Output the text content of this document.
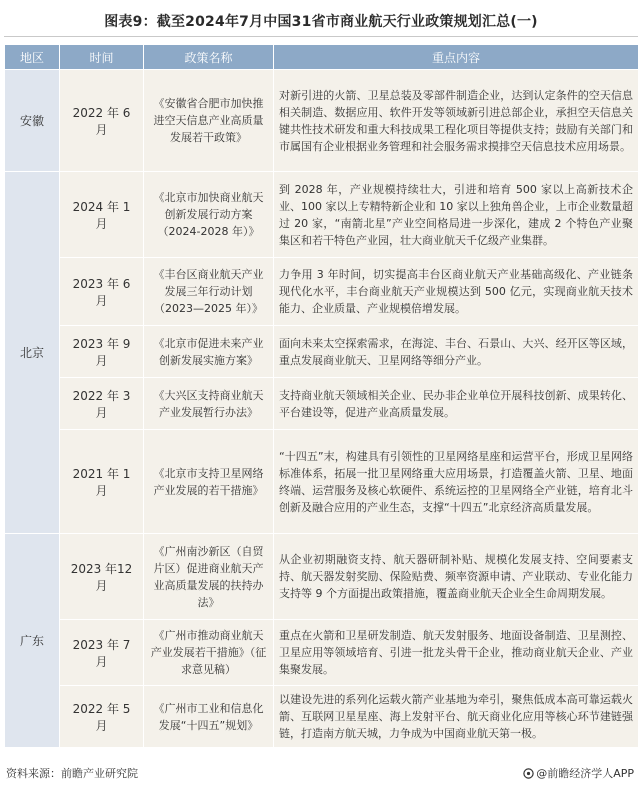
图表9：截至2024年7月中国31省市商业航天行业政策规划汇总(一)
地区	时间	政策名称	重点内容
安徽	2022 年 6 月	《安徽省合肥市加快推进空天信息产业高质量发展若干政策》	对新引进的火箭、卫星总装及零部件制造企业，达到认定条件的空天信息相关制造、数据应用、软件开发等领域新引进总部企业，承担空天信息关键共性技术研发和重大科技成果工程化项目等提供支持；鼓励有关部门和市属国有企业根据业务管理和社会服务需求摸排空天信息技术应用场景。
北京	2024 年 1 月	《北京市加快商业航天创新发展行动方案（2024-2028 年）》	到 2028 年，产业规模持续壮大，引进和培育 500 家以上高新技术企业、100 家以上专精特新企业和 10 家以上独角兽企业，上市企业数量超过 20 家，“南箭北星”产业空间格局进一步深化，建成 2 个特色产业聚集区和若干特色产业园，壮大商业航天千亿级产业集群。
	2023 年 6 月	《丰台区商业航天产业发展三年行动计划（2023—2025 年）》	力争用 3 年时间，切实提高丰台区商业航天产业基础高级化、产业链条现代化水平，丰台商业航天产业规模达到 500 亿元，实现商业航天技术能力、企业质量、产业规模倍增发展。
	2023 年 9 月	《北京市促进未来产业创新发展实施方案》	面向未来太空探索需求，在海淀、丰台、石景山、大兴、经开区等区域，重点发展商业航天、卫星网络等细分产业。
	2022 年 3 月	《大兴区支持商业航天产业发展暂行办法》	支持商业航天领域相关企业、民办非企业单位开展科技创新、成果转化、平台建设等，促进产业高质量发展。
	2021 年 1 月	《北京市支持卫星网络产业发展的若干措施》	“十四五”末，构建具有引领性的卫星网络星座和运营平台，形成卫星网络标准体系，拓展一批卫星网络重大应用场景，打造覆盖火箭、卫星、地面终端、运营服务及核心软硬件、系统运控的卫星网络全产业链，培育北斗创新及融合应用的产业生态，支撑“十四五”北京经济高质量发展。
广东	2023 年12 月	《广州南沙新区（自贸片区）促进商业航天产业高质量发展的扶持办法》	从企业初期融资支持、航天器研制补贴、规模化发展支持、空间要素支持、航天器发射奖励、保险贴费、频率资源申请、产业联动、专业化能力支持等 9 个方面提出政策措施，覆盖商业航天企业全生命周期发展。
	2023 年 7 月	《广州市推动商业航天产业发展若干措施》（征求意见稿）	重点在火箭和卫星研发制造、航天发射服务、地面设备制造、卫星测控、卫星应用等领域培育、引进一批龙头骨干企业，推动商业航天企业、产业集聚发展。
	2022 年 5 月	《广州市工业和信息化发展“十四五”规划》	以建设先进的系列化运载火箭产业基地为牵引，聚焦低成本高可靠运载火箭、互联网卫星星座、海上发射平台、航天商业化应用等核心环节建链强链，打造南方航天城，力争成为中国商业航天第一极。
资料来源：前瞻产业研究院	@前瞻经济学人APP
